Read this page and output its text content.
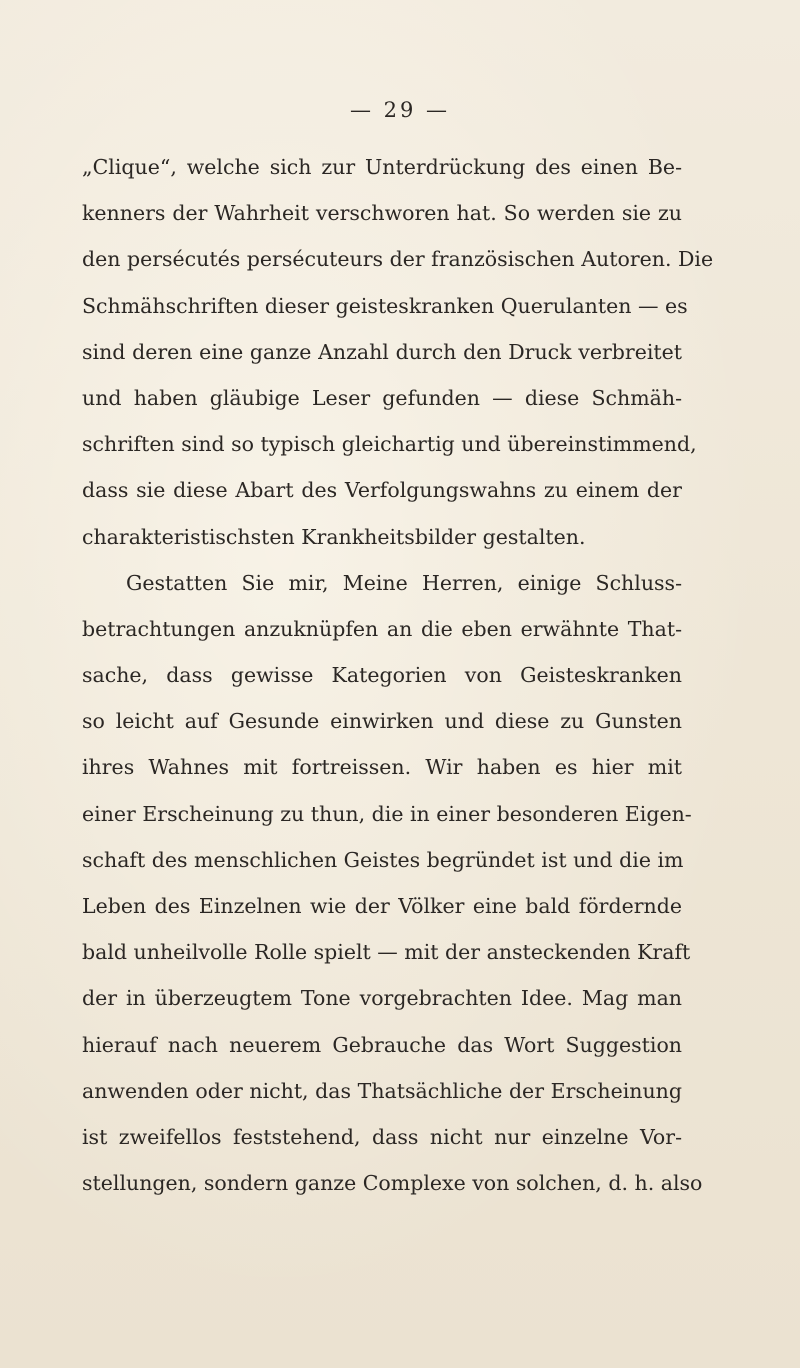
— 29 —
„Clique“, welche sich zur Unterdrückung des einen Be-
kenners der Wahrheit verschworen hat. So werden sie zu
den persécutés persécuteurs der französischen Autoren. Die
Schmähschriften dieser geisteskranken Querulanten — es
sind deren eine ganze Anzahl durch den Druck verbreitet
und haben gläubige Leser gefunden — diese Schmäh-
schriften sind so typisch gleichartig und übereinstimmend,
dass sie diese Abart des Verfolgungswahns zu einem der
charakteristischsten Krankheitsbilder gestalten.
Gestatten Sie mir, Meine Herren, einige Schluss-
betrachtungen anzuknüpfen an die eben erwähnte That-
sache, dass gewisse Kategorien von Geisteskranken
so leicht auf Gesunde einwirken und diese zu Gunsten
ihres Wahnes mit fortreissen. Wir haben es hier mit
einer Erscheinung zu thun, die in einer besonderen Eigen-
schaft des menschlichen Geistes begründet ist und die im
Leben des Einzelnen wie der Völker eine bald fördernde
bald unheilvolle Rolle spielt — mit der ansteckenden Kraft
der in überzeugtem Tone vorgebrachten Idee. Mag man
hierauf nach neuerem Gebrauche das Wort Suggestion
anwenden oder nicht, das Thatsächliche der Erscheinung
ist zweifellos feststehend, dass nicht nur einzelne Vor-
stellungen, sondern ganze Complexe von solchen, d. h. also
